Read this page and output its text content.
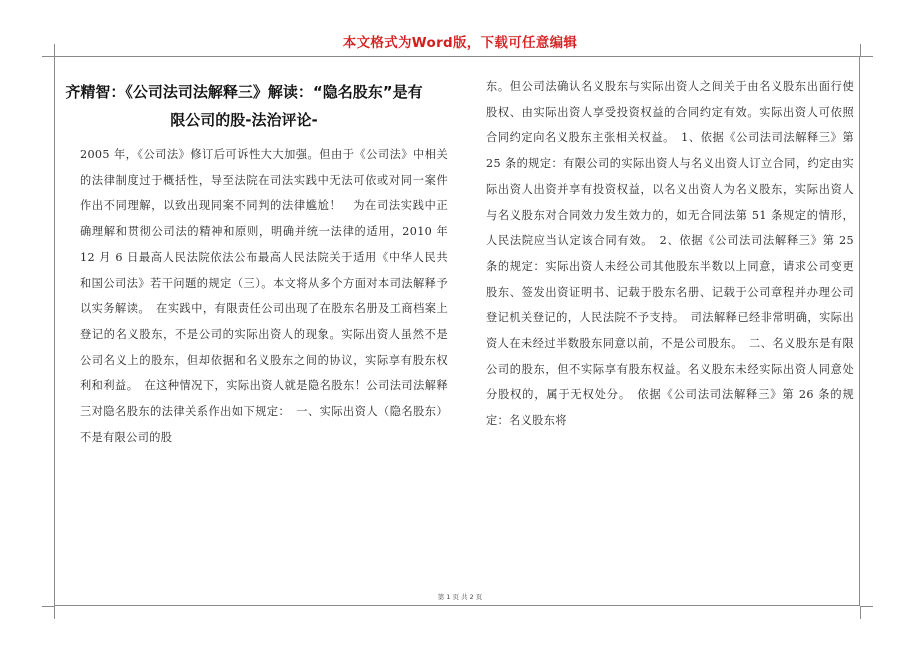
本文格式为Word版，下载可任意编辑
齐精智：《公司法司法解释三》解读：“隐名股东”是有限公司的股-法治评论-

2005 年，《公司法》修订后可诉性大大加强。但由于《公司法》中相关的法律制度过于概括性，导至法院在司法实践中无法可依或对同一案件作出不同理解，以致出现同案不同判的法律尴尬！　为在司法实践中正确理解和贯彻公司法的精神和原则，明确并统一法律的适用，2010 年 12 月 6 日最高人民法院依法公布最高人民法院关于适用《中华人民共和国公司法》若干问题的规定（三）。本文将从多个方面对本司法解释予以实务解读。　在实践中，有限责任公司出现了在股东名册及工商档案上登记的名义股东，不是公司的实际出资人的现象。实际出资人虽然不是公司名义上的股东，但却依据和名义股东之间的协议，实际享有股东权利和利益。　在这种情况下，实际出资人就是隐名股东！公司法司法解释三对隐名股东的法律关系作出如下规定：　一、实际出资人（隐名股东）不是有限公司的股

东。但公司法确认名义股东与实际出资人之间关于由名义股东出面行使股权、由实际出资人享受投资权益的合同约定有效。实际出资人可依照合同约定向名义股东主张相关权益。　1、依据《公司法司法解释三》第 25 条的规定：有限公司的实际出资人与名义出资人订立合同，约定由实际出资人出资并享有投资权益，以名义出资人为名义股东，实际出资人与名义股东对合同效力发生效力的，如无合同法第 51 条规定的情形，人民法院应当认定该合同有效。　2、依据《公司法司法解释三》第 25 条的规定：实际出资人未经公司其他股东半数以上同意，请求公司变更股东、签发出资证明书、记载于股东名册、记载于公司章程并办理公司登记机关登记的，人民法院不予支持。　司法解释已经非常明确，实际出资人在未经过半数股东同意以前，不是公司股东。　二、名义股东是有限公司的股东，但不实际享有股东权益。名义股东未经实际出资人同意处分股权的，属于无权处分。　依据《公司法司法解释三》第 26 条的规定：名义股东将

第 1 页 共 2 页
